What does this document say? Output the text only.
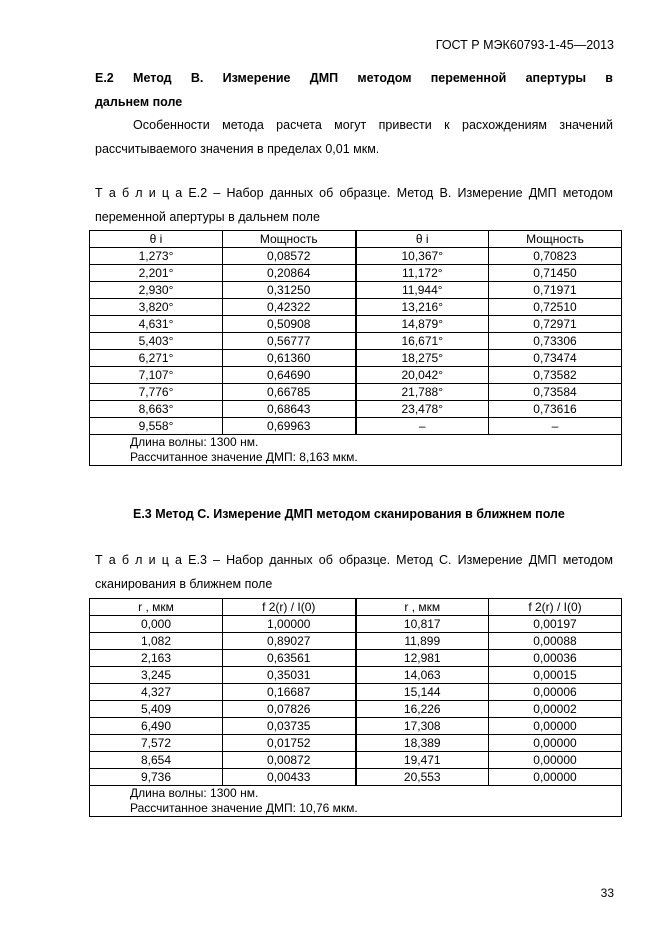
ГОСТ Р МЭК60793-1-45—2013
Е.2 Метод В. Измерение ДМП методом переменной апертуры в
дальнем поле
Особенности метода расчета могут привести к расхождениям значений
рассчитываемого значения в пределах 0,01 мкм.
Т а б л и ц а Е.2 – Набор данных об образце. Метод В. Измерение ДМП методом
переменной апертуры в дальнем поле
θ i	Мощность	θ i	Мощность
1,273°	0,08572	10,367°	0,70823
2,201°	0,20864	11,172°	0,71450
2,930°	0,31250	11,944°	0,71971
3,820°	0,42322	13,216°	0,72510
4,631°	0,50908	14,879°	0,72971
5,403°	0,56777	16,671°	0,73306
6,271°	0,61360	18,275°	0,73474
7,107°	0,64690	20,042°	0,73582
7,776°	0,66785	21,788°	0,73584
8,663°	0,68643	23,478°	0,73616
9,558°	0,69963	–	–

Длина волны: 1300 нм.
Рассчитанное значение ДМП: 8,163 мкм.			
Е.3 Метод С. Измерение ДМП методом сканирования в ближнем поле
Т а б л и ц а Е.3 – Набор данных об образце. Метод С. Измерение ДМП методом
сканирования в ближнем поле
r , мкм	f 2(r) / I(0)	r , мкм	f 2(r) / I(0)
0,000	1,00000	10,817	0,00197
1,082	0,89027	11,899	0,00088
2,163	0,63561	12,981	0,00036
3,245	0,35031	14,063	0,00015
4,327	0,16687	15,144	0,00006
5,409	0,07826	16,226	0,00002
6,490	0,03735	17,308	0,00000
7,572	0,01752	18,389	0,00000
8,654	0,00872	19,471	0,00000
9,736	0,00433	20,553	0,00000

Длина волны: 1300 нм.
Рассчитанное значение ДМП: 10,76 мкм.			
33
